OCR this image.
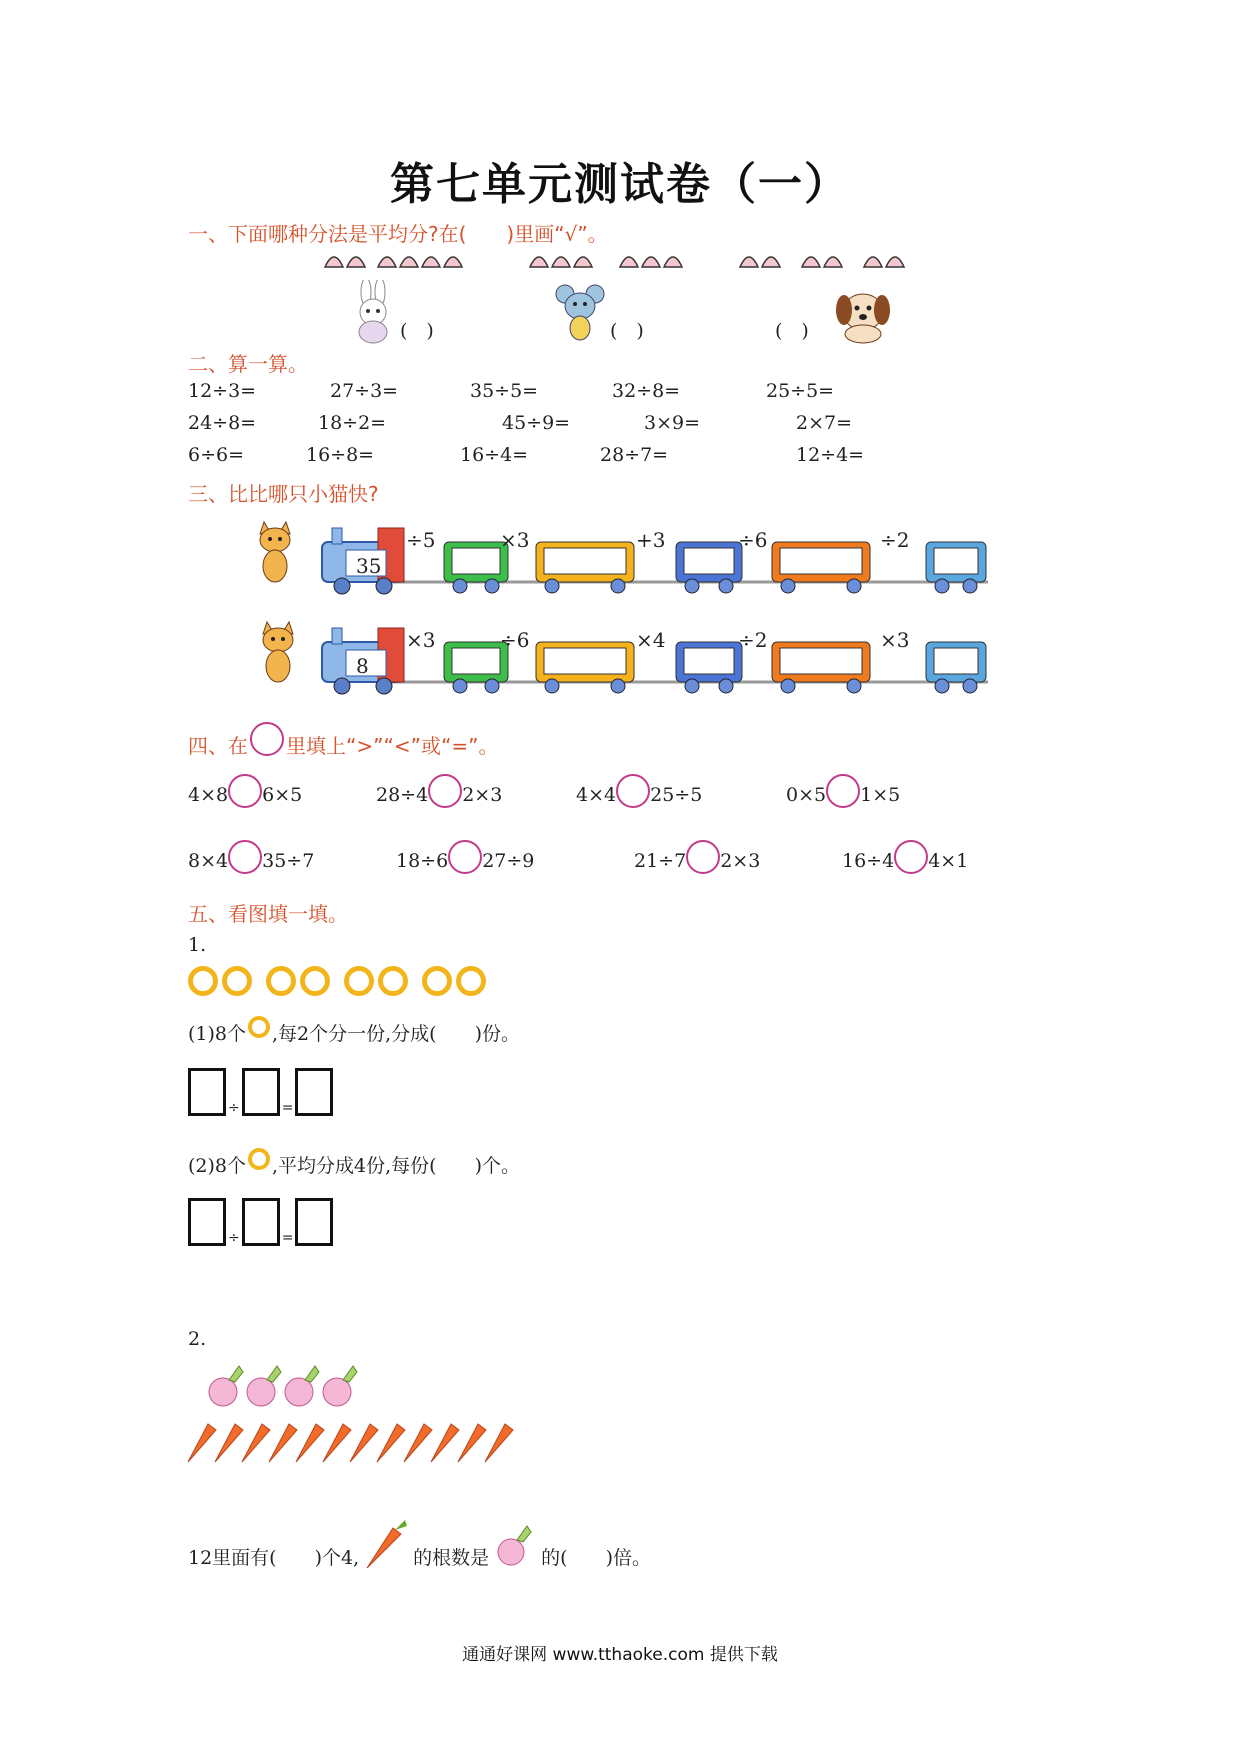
第七单元测试卷（一）
一、下面哪种分法是平均分?在(　　)里画“√”。
(　)	(　)	(　)
二、算一算。
12÷3=	27÷3=	35÷5=	32÷8=	25÷5=
24÷8=	18÷2=	45÷9=	3×9=	2×7=
6÷6=	16÷8=	16÷4=	28÷7=	12÷4=
三、比比哪只小猫快?
35
÷5	×3	+3	÷6	÷2
8
×3	÷6	×4	÷2	×3
四、在 里填上“>”“<”或“=”。
4×8 6×5	28÷4 2×3	4×4 25÷5	0×5 1×5
8×4 35÷7	18÷6 27÷9	21÷7 2×3	16÷4 4×1
五、看图填一填。
1.
(1)8个 ,每2个分一份,分成(　　)份。
÷	=
(2)8个 ,平均分成4份,每份(　　)个。
÷	=
2.
12里面有(　　)个4,	的根数是	的(　　)倍。
通通好课网 www.tthaoke.com 提供下载
